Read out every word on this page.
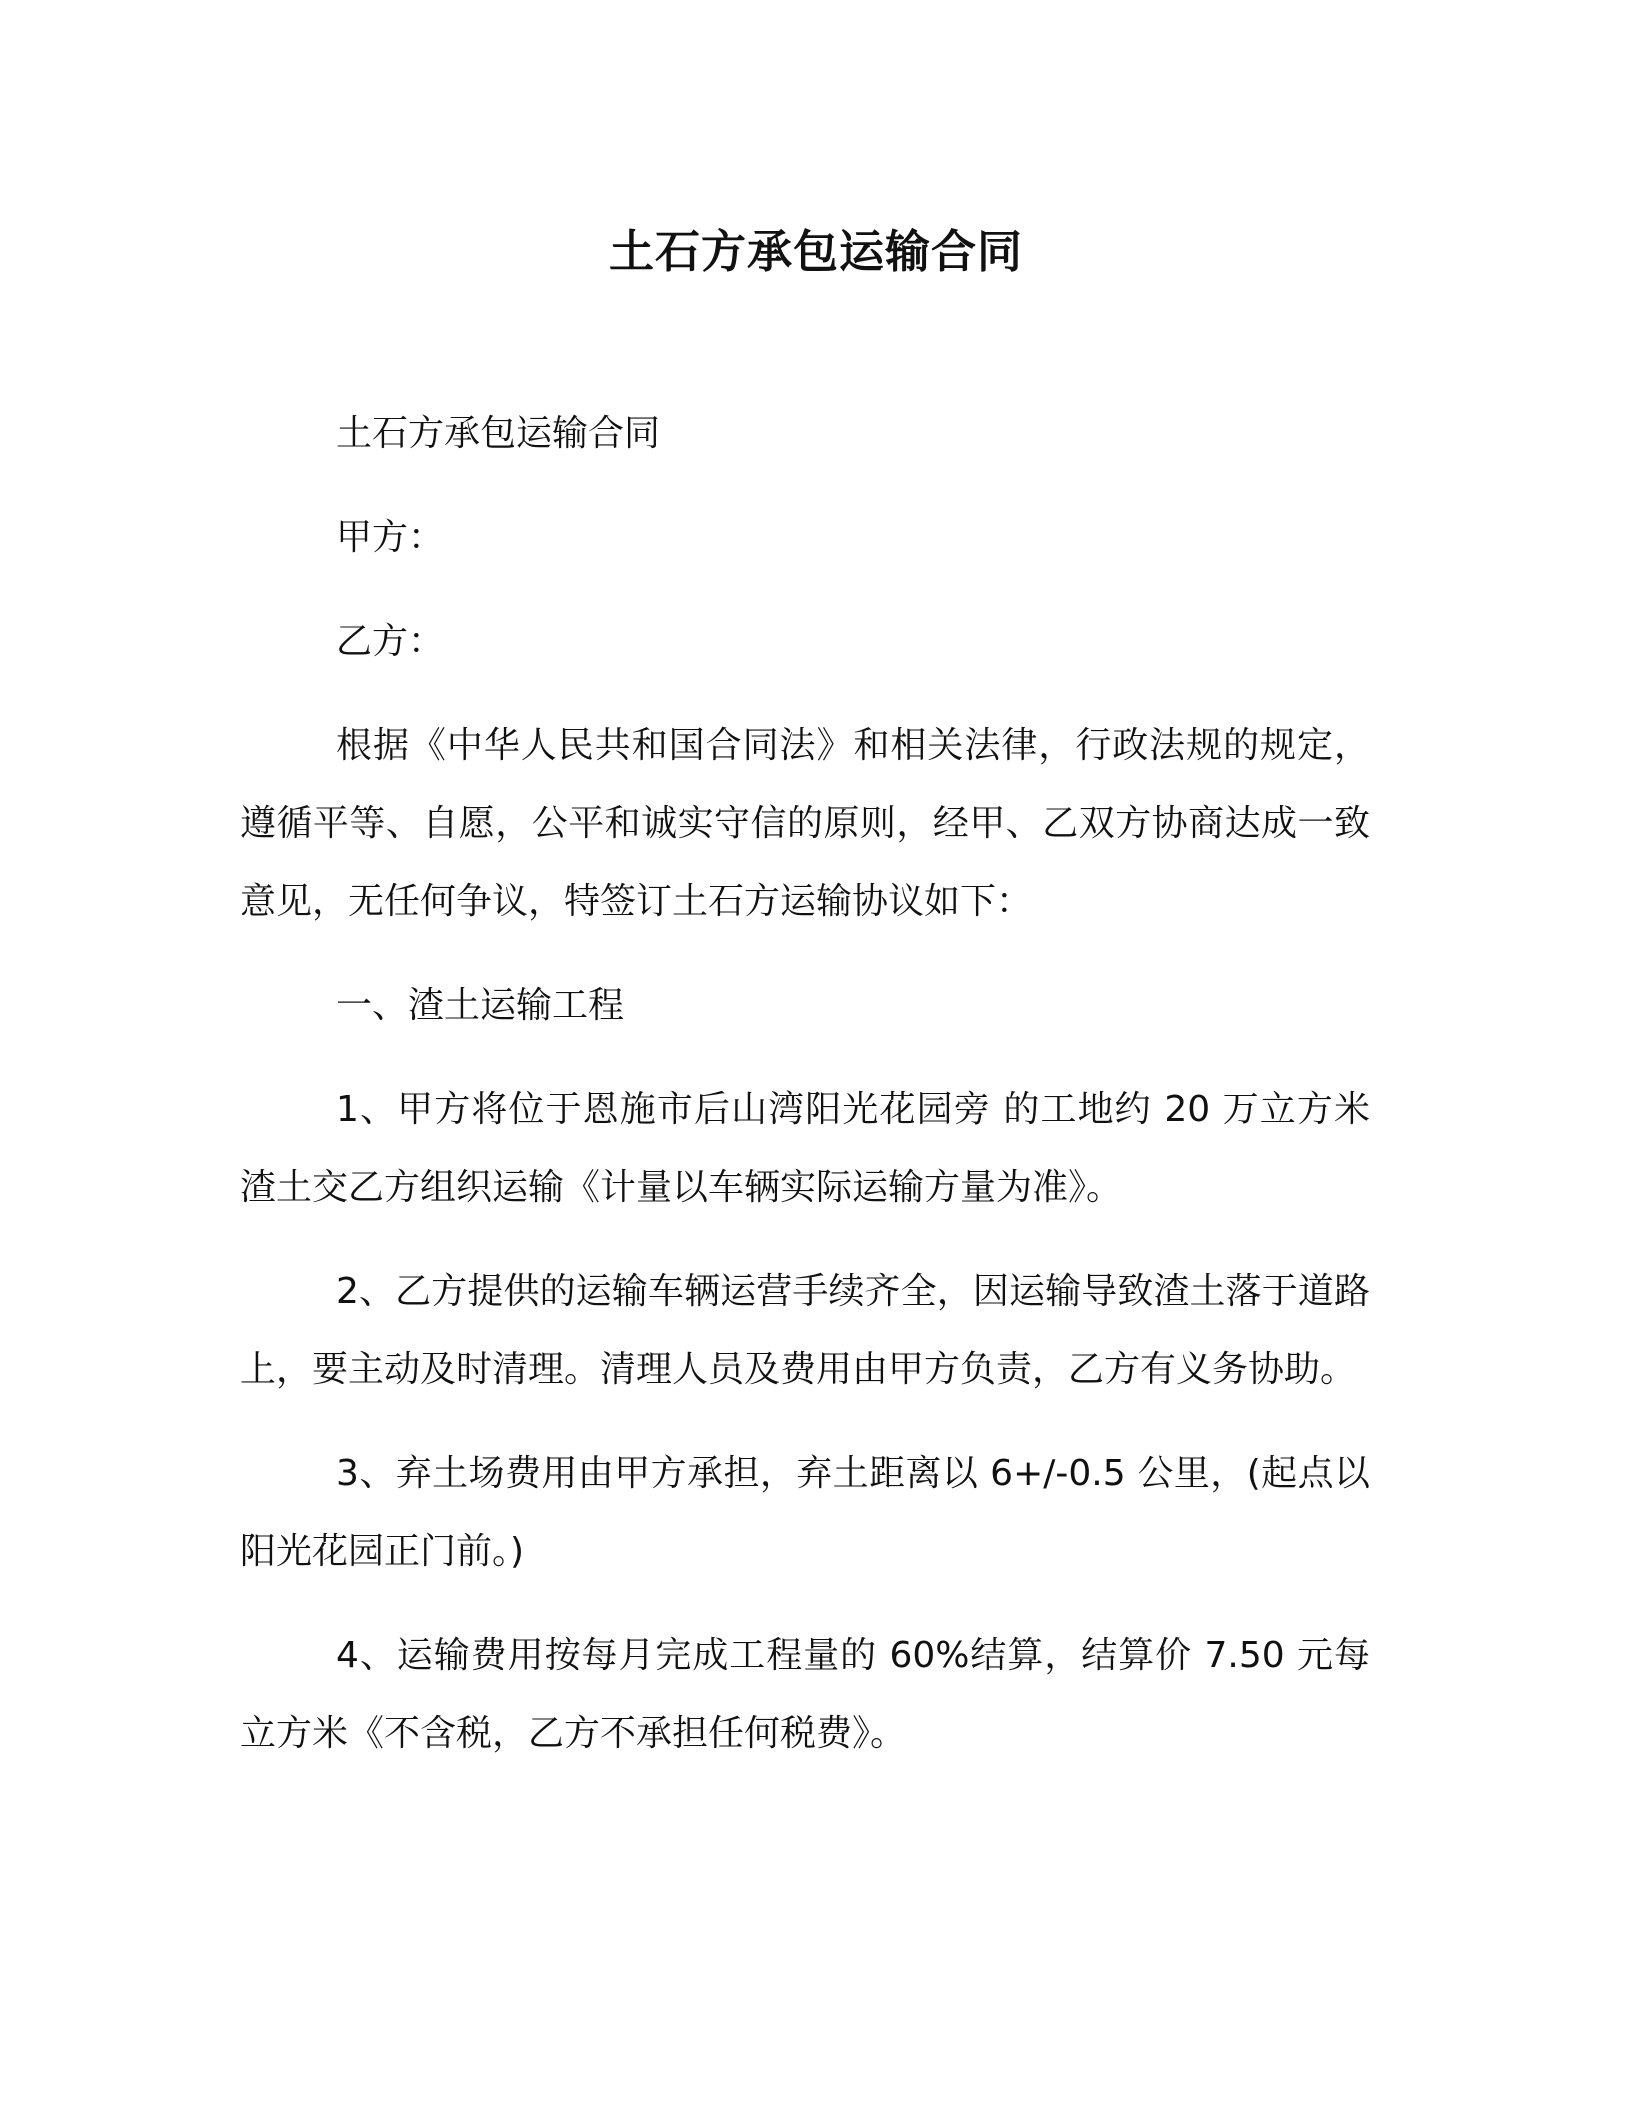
土石方承包运输合同

土石方承包运输合同

甲方：

乙方：

根据《中华人民共和国合同法》和相关法律，行政法规的规定，遵循平等、自愿，公平和诚实守信的原则，经甲、乙双方协商达成一致意见，无任何争议，特签订土石方运输协议如下：

一、渣土运输工程

1、甲方将位于恩施市后山湾阳光花园旁 的工地约 20 万立方米渣土交乙方组织运输《计量以车辆实际运输方量为准》。

2、乙方提供的运输车辆运营手续齐全，因运输导致渣土落于道路上，要主动及时清理。清理人员及费用由甲方负责，乙方有义务协助。

3、弃土场费用由甲方承担，弃土距离以 6+/-0.5 公里，(起点以阳光花园正门前。)

4、运输费用按每月完成工程量的 60%结算，结算价 7.50 元每立方米《不含税，乙方不承担任何税费》。
